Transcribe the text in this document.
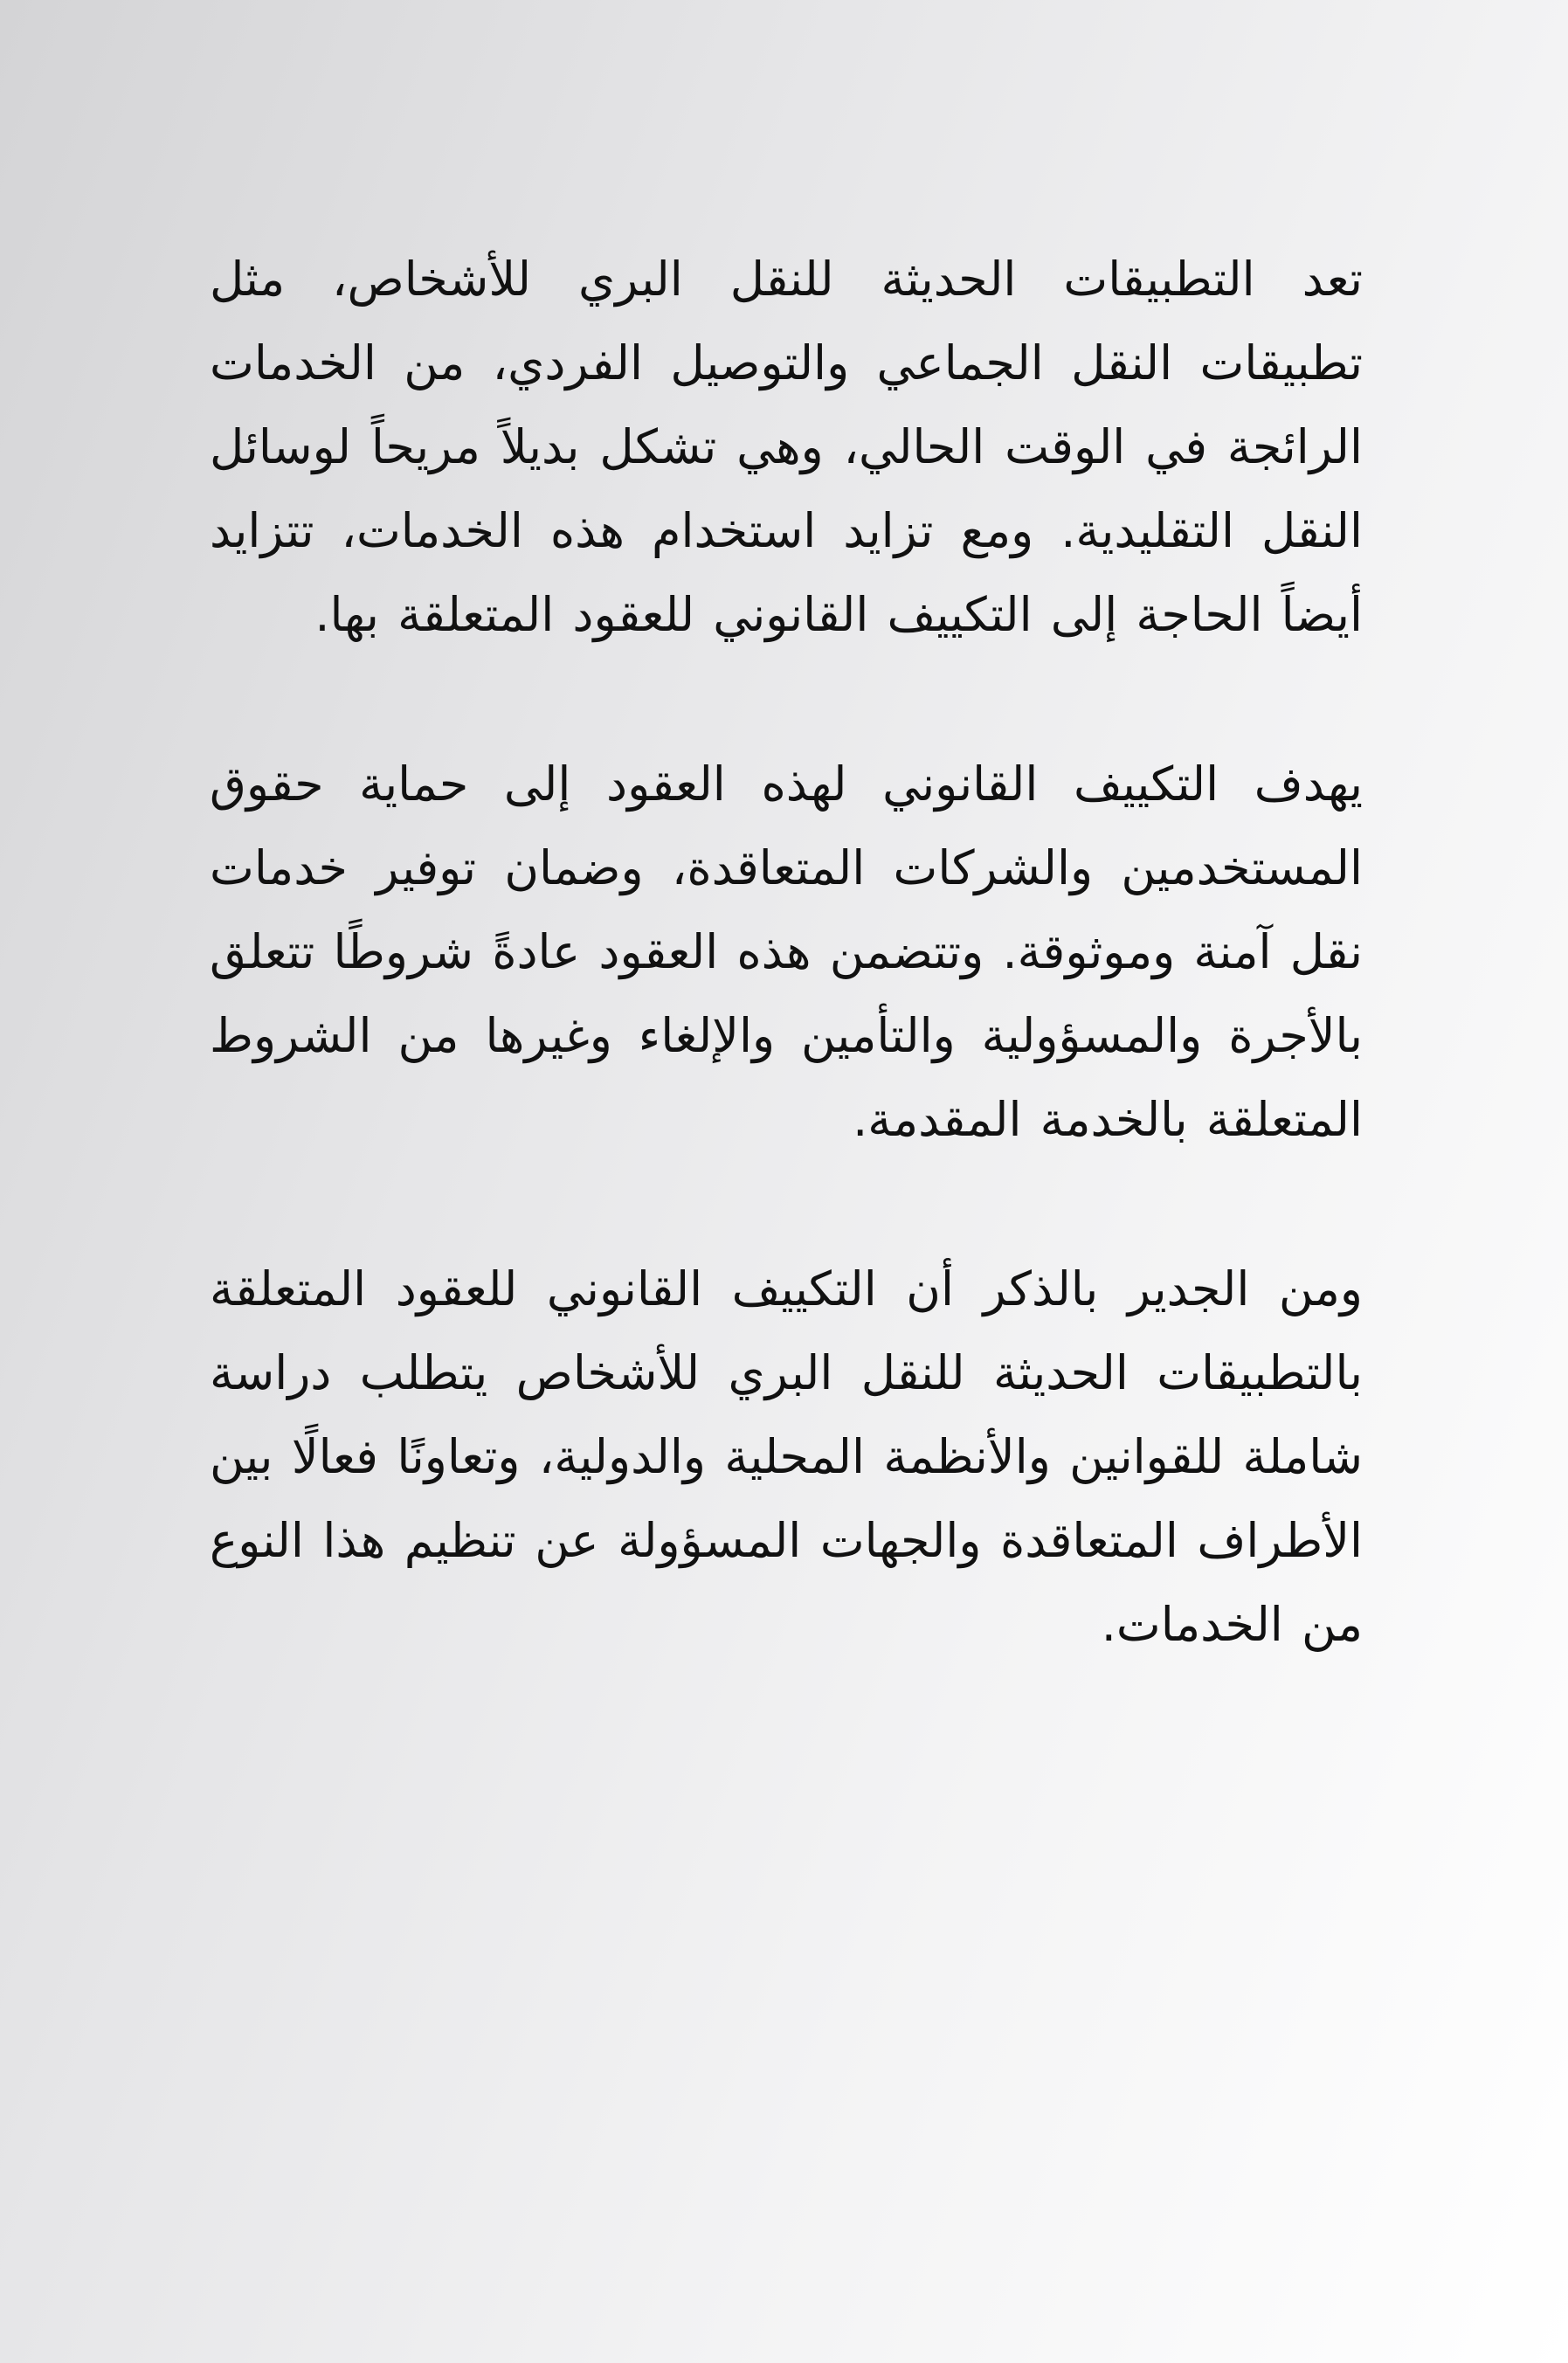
تعد التطبيقات الحديثة للنقل البري للأشخاص، مثل تطبيقات النقل الجماعي والتوصيل الفردي، من الخدمات الرائجة في الوقت الحالي، وهي تشكل بديلاً مريحاً لوسائل النقل التقليدية. ومع تزايد استخدام هذه الخدمات، تتزايد أيضاً الحاجة إلى التكييف القانوني للعقود المتعلقة بها.

يهدف التكييف القانوني لهذه العقود إلى حماية حقوق المستخدمين والشركات المتعاقدة، وضمان توفير خدمات نقل آمنة وموثوقة. وتتضمن هذه العقود عادةً شروطًا تتعلق بالأجرة والمسؤولية والتأمين والإلغاء وغيرها من الشروط المتعلقة بالخدمة المقدمة.

ومن الجدير بالذكر أن التكييف القانوني للعقود المتعلقة بالتطبيقات الحديثة للنقل البري للأشخاص يتطلب دراسة شاملة للقوانين والأنظمة المحلية والدولية، وتعاونًا فعالًا بين الأطراف المتعاقدة والجهات المسؤولة عن تنظيم هذا النوع من الخدمات.
